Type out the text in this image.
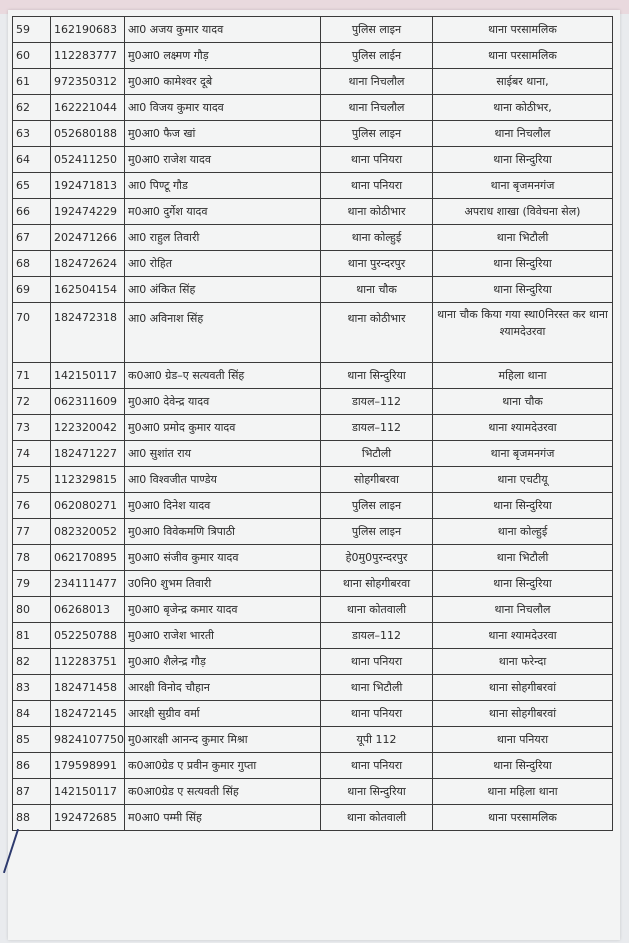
59	162190683	आ0 अजय कुमार यादव	पुलिस लाइन	थाना परसामलिक
60	112283777	मु0आ0 लक्ष्मण गौड़	पुलिस लाईन	थाना परसामलिक
61	972350312	मु0आ0 कामेश्वर दूबे	थाना निचलौल	साईबर थाना,
62	162221044	आ0 विजय कुमार यादव	थाना निचलौल	थाना कोठीभर,
63	052680188	मु0आ0 फैज खां	पुलिस लाइन	थाना निचलौल
64	052411250	मु0आ0 राजेश यादव	थाना पनियरा	थाना सिन्दुरिया
65	192471813	आ0 पिण्टू गौड	थाना पनियरा	थाना बृजमनगंज
66	192474229	म0आ0 दुर्गेश यादव	थाना कोठीभार	अपराध शाखा (विवेचना सेल)
67	202471266	आ0 राहुल तिवारी	थाना कोल्हुई	थाना भिटौली
68	182472624	आ0 रोहित	थाना पुरन्दरपुर	थाना सिन्दुरिया
69	162504154	आ0 अंकित सिंह	थाना चौक	थाना सिन्दुरिया
70	182472318	आ0 अविनाश सिंह	थाना कोठीभार	थाना चौक किया गया स्था0निरस्त कर थाना श्यामदेउरवा
71	142150117	क0आ0 ग्रेड–ए सत्यवती सिंह	थाना सिन्दुरिया	महिला थाना
72	062311609	मु0आ0 देवेन्द्र यादव	डायल–112	थाना चौक
73	122320042	मु0आ0 प्रमोद कुमार यादव	डायल–112	थाना श्यामदेउरवा
74	182471227	आ0 सुशांत राय	भिटौली	थाना बृजमनगंज
75	112329815	आ0 विश्वजीत पाण्डेय	सोहगीबरवा	थाना एचटीयू
76	062080271	मु0आ0 दिनेश यादव	पुलिस लाइन	थाना सिन्दुरिया
77	082320052	मु0आ0 विवेकमणि त्रिपाठी	पुलिस लाइन	थाना कोल्हुई
78	062170895	मु0आ0 संजीव कुमार यादव	हे0मु0पुरन्दरपुर	थाना भिटौली
79	234111477	उ0नि0 शुभम तिवारी	थाना सोहगीबरवा	थाना सिन्दुरिया
80	06268013	मु0आ0 बृजेन्द्र कमार यादव	थाना कोतवाली	थाना निचलौल
81	052250788	मु0आ0 राजेश भारती	डायल–112	थाना श्यामदेउरवा
82	112283751	मु0आ0 शैलेन्द्र गौड़	थाना पनियरा	थाना फरेन्दा
83	182471458	आरक्षी विनोद चौहान	थाना भिटौली	थाना सोहगीबरवां
84	182472145	आरक्षी सुग्रीव वर्मा	थाना पनियरा	थाना सोहगीबरवां
85	9824107750	मु0आरक्षी आनन्द कुमार मिश्रा	यूपी 112	थाना पनियरा
86	179598991	क0आ0ग्रेड ए प्रवीन कुमार गुप्ता	थाना पनियरा	थाना सिन्दुरिया
87	142150117	क0आ0ग्रेड ए सत्यवती सिंह	थाना सिन्दुरिया	थाना महिला थाना
88	192472685	म0आ0 पम्मी सिंह	थाना कोतवाली	थाना परसामलिक
